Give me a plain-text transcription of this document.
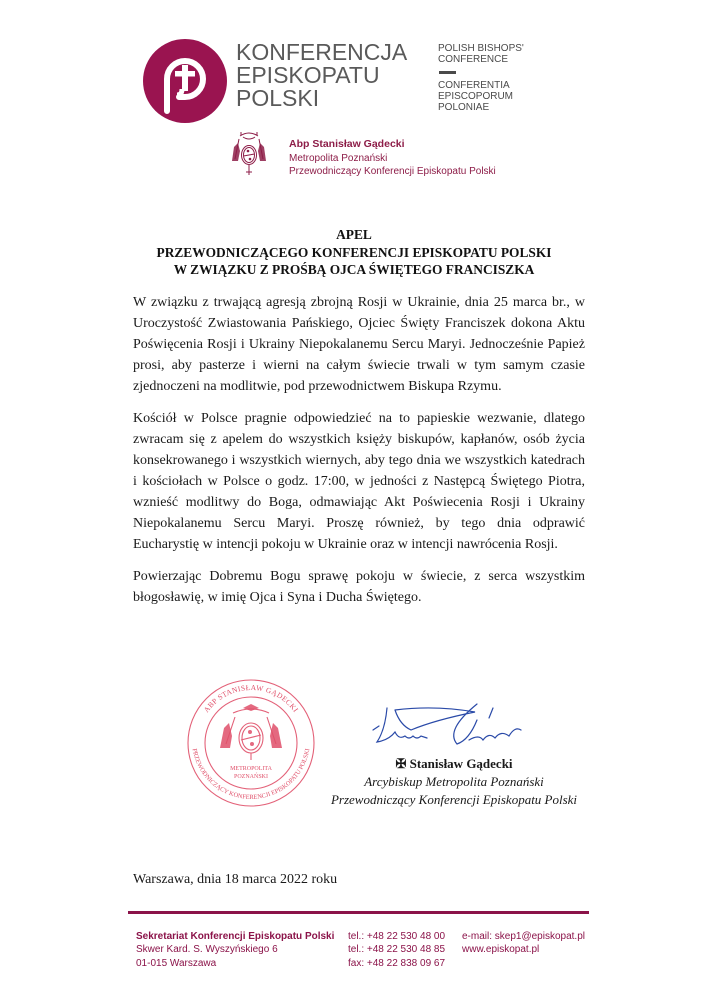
KONFERENCJA
EPISKOPATU
POLSKI
POLISH BISHOPS'
CONFERENCE
CONFERENTIA
EPISCOPORUM
POLONIAE
Abp Stanisław Gądecki
Metropolita Poznański
Przewodniczący Konferencji Episkopatu Polski
APEL
PRZEWODNICZĄCEGO KONFERENCJI EPISKOPATU POLSKI
W ZWIĄZKU Z PROŚBĄ OJCA ŚWIĘTEGO FRANCISZKA

W związku z trwającą agresją zbrojną Rosji w Ukrainie, dnia 25 marca br., w Uroczystość Zwiastowania Pańskiego, Ojciec Święty Franciszek dokona Aktu Poświęcenia Rosji i Ukrainy Niepokalanemu Sercu Maryi. Jednocześnie Papież prosi, aby pasterze i wierni na całym świecie trwali w tym samym czasie zjednoczeni na modlitwie, pod przewodnictwem Biskupa Rzymu.

Kościół w Polsce pragnie odpowiedzieć na to papieskie wezwanie, dlatego zwracam się z apelem do wszystkich księży biskupów, kapłanów, osób życia konsekrowanego i wszystkich wiernych, aby tego dnia we wszystkich katedrach i kościołach w Polsce o godz. 17:00, w jedności z Następcą Świętego Piotra, wznieść modlitwy do Boga, odmawiając Akt Poświecenia Rosji i Ukrainy Niepokalanemu Sercu Maryi. Proszę również, by tego dnia odprawić Eucharystię w intencji pokoju w Ukrainie oraz w intencji nawrócenia Rosji.

Powierzając Dobremu Bogu sprawę pokoju w świecie, z serca wszystkim błogosławię, w imię Ojca i Syna i Ducha Świętego.

ABP STANISŁAW GĄDECKI
PRZEWODNICZĄCY KONFERENCJI EPISKOPATU POLSKI
METROPOLITA
POZNAŃSKI
✠ Stanisław Gądecki
Arcybiskup Metropolita Poznański
Przewodniczący Konferencji Episkopatu Polski
Warszawa, dnia 18 marca 2022 roku
Sekretariat Konferencji Episkopatu Polski
Skwer Kard. S. Wyszyńskiego 6
01-015 Warszawa
tel.: +48 22 530 48 00
tel.: +48 22 530 48 85
fax: +48 22 838 09 67
e-mail: skep1@episkopat.pl
www.episkopat.pl
